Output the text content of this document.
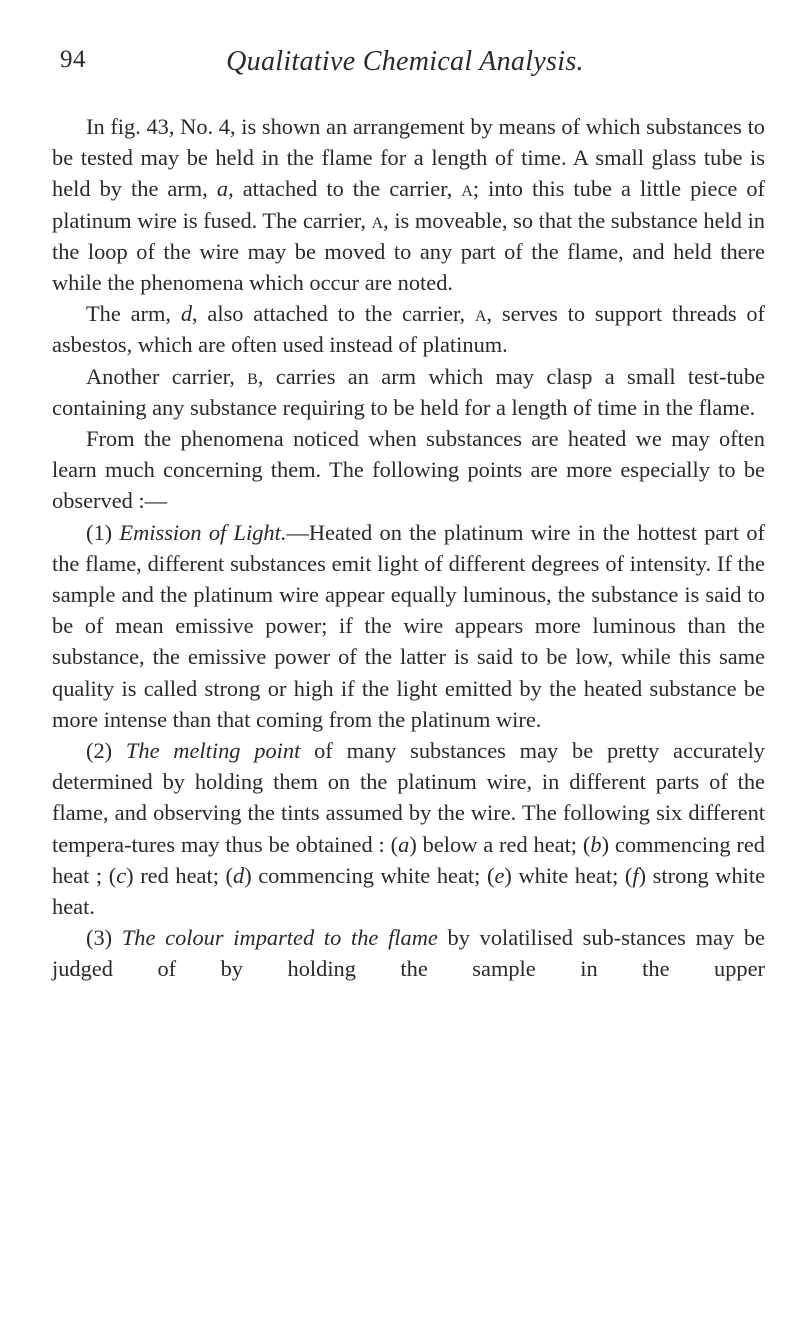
94	Qualitative Chemical Analysis.

In fig. 43, No. 4, is shown an arrangement by means of which substances to be tested may be held in the flame for a length of time. A small glass tube is held by the arm, a, attached to the carrier, a; into this tube a little piece of platinum wire is fused. The carrier, a, is moveable, so that the substance held in the loop of the wire may be moved to any part of the flame, and held there while the phenomena which occur are noted.

The arm, d, also attached to the carrier, a, serves to support threads of asbestos, which are often used instead of platinum.

Another carrier, b, carries an arm which may clasp a small test-tube containing any substance requiring to be held for a length of time in the flame.

From the phenomena noticed when substances are heated we may often learn much concerning them. The following points are more especially to be observed :—

(1) Emission of Light.—Heated on the platinum wire in the hottest part of the flame, different substances emit light of different degrees of intensity. If the sample and the platinum wire appear equally luminous, the substance is said to be of mean emissive power; if the wire appears more luminous than the substance, the emissive power of the latter is said to be low, while this same quality is called strong or high if the light emitted by the heated substance be more intense than that coming from the platinum wire.

(2) The melting point of many substances may be pretty accurately determined by holding them on the platinum wire, in different parts of the flame, and observing the tints assumed by the wire. The following six different tempera-tures may thus be obtained : (a) below a red heat; (b) commencing red heat ; (c) red heat; (d) commencing white heat; (e) white heat; (f) strong white heat.

(3) The colour imparted to the flame by volatilised sub-stances may be judged of by holding the sample in the upper
